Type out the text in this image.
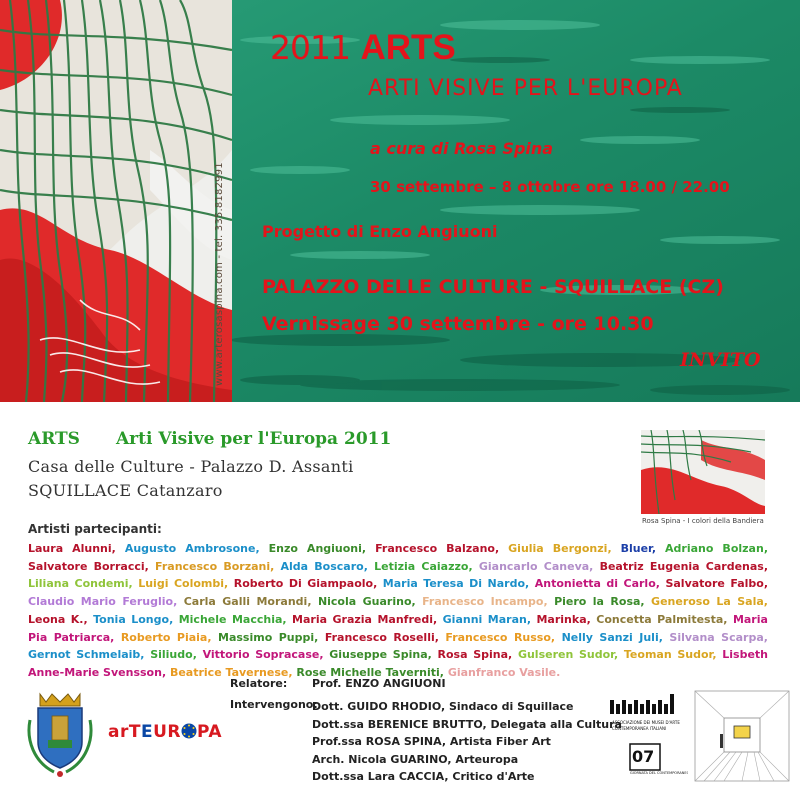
www.arterosaspina.com - tel. 335.8182991
2011 ARTS
ARTI VISIVE PER L'EUROPA
a cura di Rosa Spina
30 settembre – 8 ottobre ore 18.00 / 22.00
Progetto di Enzo Angiuoni
PALAZZO DELLE CULTURE - SQUILLACE (CZ)
Vernissage 30 settembre - ore 10.30
INVITO
ARTS Arti Visive per l'Europa 2011
Casa delle Culture - Palazzo D. Assanti
SQUILLACE Catanzaro
Rosa Spina - I colori della Bandiera
Artisti partecipanti:
Laura Alunni, Augusto Ambrosone, Enzo Angiuoni, Francesco Balzano, Giulia Bergonzi, Bluer, Adriano Bolzan, Salvatore Borracci, Francesco Borzani, Alda Boscaro, Letizia Caiazzo, Giancarlo Caneva, Beatriz Eugenia Cardenas, Liliana Condemi, Luigi Colombi, Roberto Di Giampaolo, Maria Teresa Di Nardo, Antonietta di Carlo, Salvatore Falbo, Claudio Mario Feruglio, Carla Galli Morandi, Nicola Guarino, Francesco Incampo, Piero la Rosa, Generoso La Sala, Leona K., Tonia Longo, Michele Macchia, Maria Grazia Manfredi, Gianni Maran, Marinka, Concetta Palmitesta, Maria Pia Patriarca, Roberto Piaia, Massimo Puppi, Francesco Roselli, Francesco Russo, Nelly Sanzi Juli, Silvana Scarpa, Gernot Schmelaib, Siliudo, Vittorio Sopracase, Giuseppe Spina, Rosa Spina, Gulseren Sudor, Teoman Sudor, Lisbeth Anne-Marie Svensson, Beatrice Tavernese, Rose Michelle Taverniti, Gianfranco Vasile.
Relatore: Prof. ENZO ANGIUONI
Intervengono:
Dott. GUIDO RHODIO, Sindaco di Squillace
Dott.ssa BERENICE BRUTTO, Delegata alla Cultura
Prof.ssa ROSA SPINA, Artista Fiber Art
Arch. Nicola GUARINO, Arteuropa
Dott.ssa Lara CACCIA, Critico d'Arte
arTEUR PA	ASSOCIAZIONE DEI MUSEI D'ARTE
CONTEMPORANEA ITALIANI
07
GIORNATA DEL CONTEMPORANEO
